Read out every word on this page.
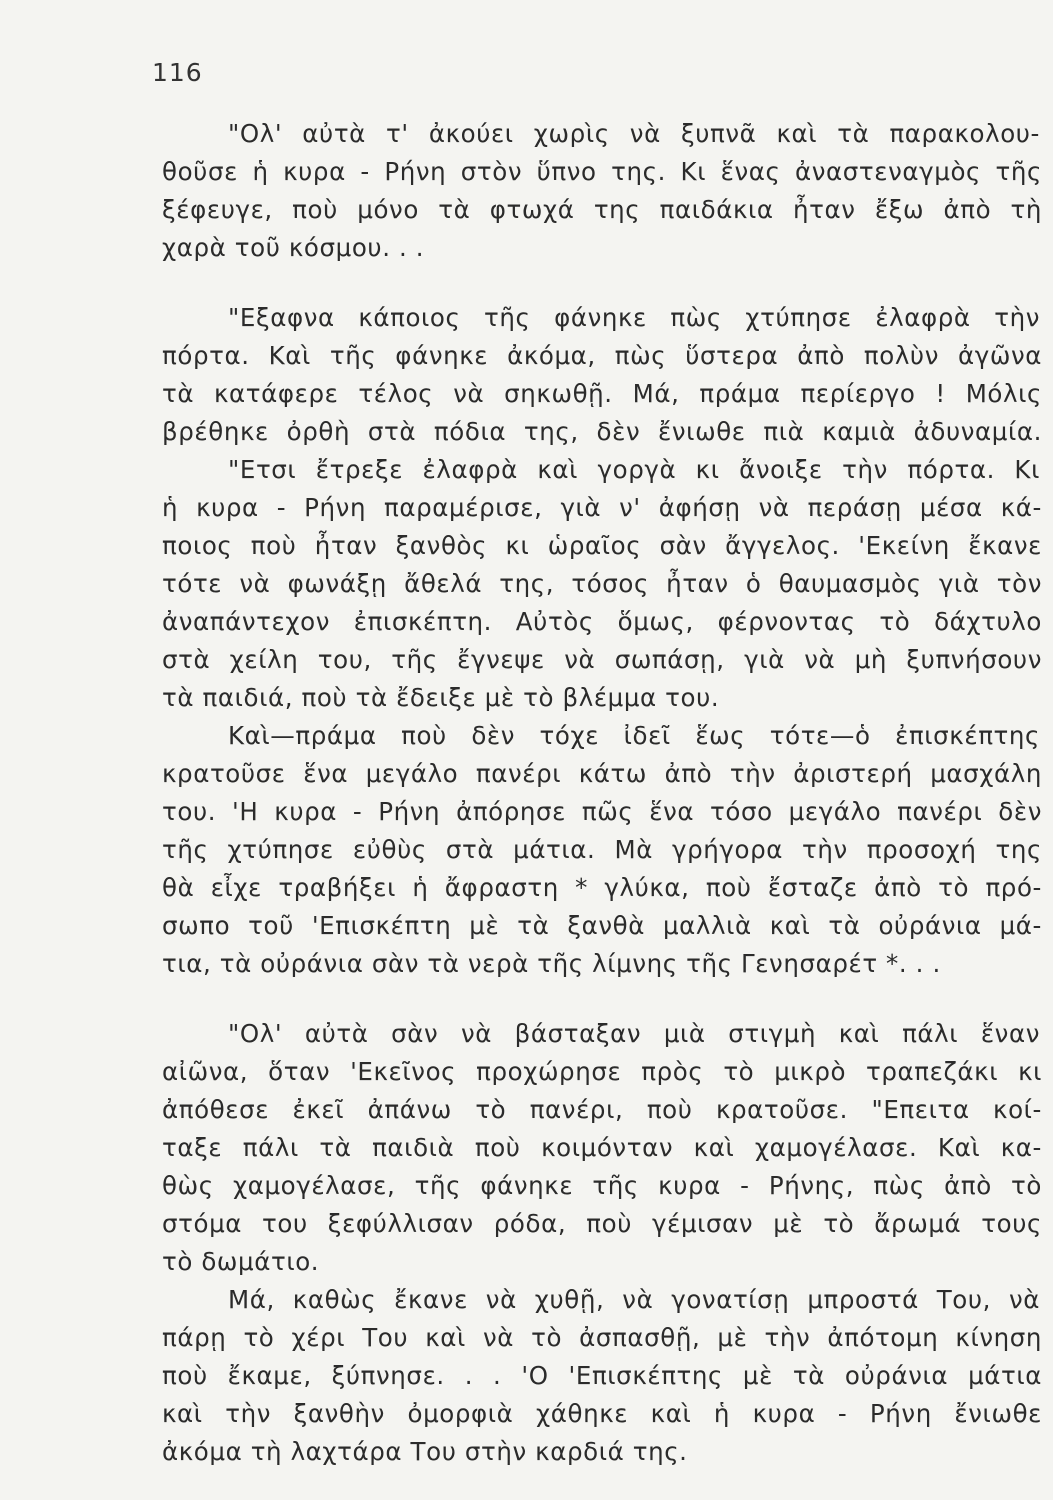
116
"Ολ' αὐτὰ τ' ἀκούει χωρὶς νὰ ξυπνᾶ καὶ τὰ παρακολου-
θοῦσε ἡ κυρα - Ρήνη στὸν ὕπνο της. Κι ἕνας ἀναστεναγμὸς τῆς
ξέφευγε, ποὺ μόνο τὰ φτωχά της παιδάκια ἦταν ἔξω ἀπὸ τὴ
χαρὰ τοῦ κόσμου. . .
"Εξαφνα κάποιος τῆς φάνηκε πὼς χτύπησε ἐλαφρὰ τὴν
πόρτα. Καὶ τῆς φάνηκε ἀκόμα, πὼς ὕστερα ἀπὸ πολὺν ἀγῶνα
τὰ κατάφερε τέλος νὰ σηκωθῇ. Μά, πράμα περίεργο ! Μόλις
βρέθηκε ὀρθὴ στὰ πόδια της, δὲν ἔνιωθε πιὰ καμιὰ ἀδυναμία.
"Ετσι ἔτρεξε ἐλαφρὰ καὶ γοργὰ κι ἄνοιξε τὴν πόρτα. Κι
ἡ κυρα - Ρήνη παραμέρισε, γιὰ ν' ἀφήσῃ νὰ περάσῃ μέσα κά-
ποιος ποὺ ἦταν ξανθὸς κι ὡραῖος σὰν ἄγγελος. 'Εκείνη ἔκανε
τότε νὰ φωνάξῃ ἄθελά της, τόσος ἦταν ὁ θαυμασμὸς γιὰ τὸν
ἀναπάντεχον ἐπισκέπτη. Αὐτὸς ὅμως, φέρνοντας τὸ δάχτυλο
στὰ χείλη του, τῆς ἔγνεψε νὰ σωπάσῃ, γιὰ νὰ μὴ ξυπνήσουν
τὰ παιδιά, ποὺ τὰ ἔδειξε μὲ τὸ βλέμμα του.
Καὶ—πράμα ποὺ δὲν τόχε ἰδεῖ ἕως τότε—ὁ ἐπισκέπτης
κρατοῦσε ἕνα μεγάλο πανέρι κάτω ἀπὸ τὴν ἀριστερή μασχάλη
του. 'Η κυρα - Ρήνη ἀπόρησε πῶς ἕνα τόσο μεγάλο πανέρι δὲν
τῆς χτύπησε εὐθὺς στὰ μάτια. Μὰ γρήγορα τὴν προσοχή της
θὰ εἶχε τραβήξει ἡ ἄφραστη * γλύκα, ποὺ ἔσταζε ἀπὸ τὸ πρό-
σωπο τοῦ 'Επισκέπτη μὲ τὰ ξανθὰ μαλλιὰ καὶ τὰ οὐράνια μά-
τια, τὰ οὐράνια σὰν τὰ νερὰ τῆς λίμνης τῆς Γενησαρέτ *. . .
"Ολ' αὐτὰ σὰν νὰ βάσταξαν μιὰ στιγμὴ καὶ πάλι ἕναν
αἰῶνα, ὅταν 'Εκεῖνος προχώρησε πρὸς τὸ μικρὸ τραπεζάκι κι
ἀπόθεσε ἐκεῖ ἀπάνω τὸ πανέρι, ποὺ κρατοῦσε. "Επειτα κοί-
ταξε πάλι τὰ παιδιὰ ποὺ κοιμόνταν καὶ χαμογέλασε. Καὶ κα-
θὼς χαμογέλασε, τῆς φάνηκε τῆς κυρα - Ρήνης, πὼς ἀπὸ τὸ
στόμα του ξεφύλλισαν ρόδα, ποὺ γέμισαν μὲ τὸ ἄρωμά τους
τὸ δωμάτιο.
Μά, καθὼς ἔκανε νὰ χυθῇ, νὰ γονατίσῃ μπροστά Του, νὰ
πάρῃ τὸ χέρι Του καὶ νὰ τὸ ἀσπασθῇ, μὲ τὴν ἀπότομη κίνηση
ποὺ ἔκαμε, ξύπνησε. . . 'Ο 'Επισκέπτης μὲ τὰ οὐράνια μάτια
καὶ τὴν ξανθὴν ὀμορφιὰ χάθηκε καὶ ἡ κυρα - Ρήνη ἔνιωθε
ἀκόμα τὴ λαχτάρα Του στὴν καρδιά της.
